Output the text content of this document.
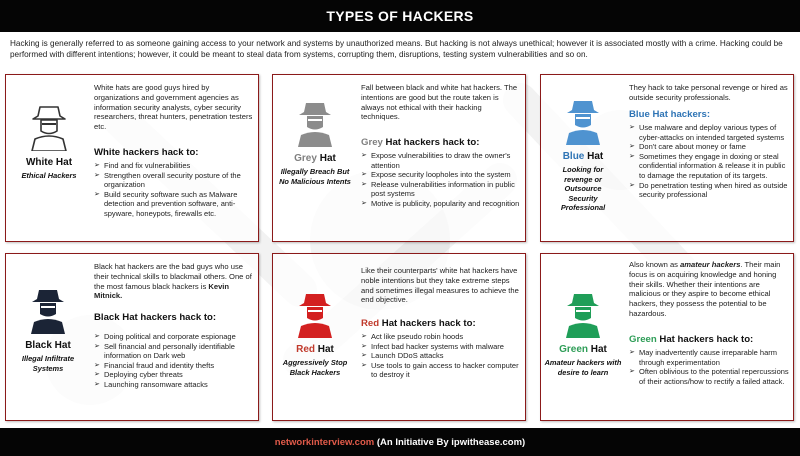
TYPES OF HACKERS
Hacking is generally referred to as someone gaining access to your network and systems by unauthorized means. But hacking is not always unethical; however it is associated mostly with a crime. Hacking could be performed with different intentions; however, it could be meant to steal data from systems, corrupting them, disruptions, testing system vulnerabilities and so on.
White Hat
Ethical Hackers
White hats are good guys hired by organizations and government agencies as information security analysts, cyber security researchers, threat hunters, penetration testers etc.
White hackers hack to:
➢ Find and fix vulnerabilities
➢ Strengthen overall security posture of the organization
➢ Build security software such as Malware detection and prevention software, anti-spyware, honeypots, firewalls etc.
Grey Hat
Illegally Breach But No Malicious Intents
Fall between black and white hat hackers. The intentions are good but the route taken is always not ethical with their hacking techniques.
Grey Hat hackers hack to:
➢ Expose vulnerabilities to draw the owner's attention
➢ Expose security loopholes into the system
➢ Release vulnerabilities information in public post systems
➢ Motive is publicity, popularity and recognition
Blue Hat
Looking for revenge or Outsource Security Professional
They hack to take personal revenge or hired as outside security professionals.
Blue Hat hackers:
➢ Use malware and deploy various types of cyber-attacks on intended targeted systems
➢ Don't care about money or fame
➢ Sometimes they engage in doxing or steal confidential information & release it in public to damage the reputation of its targets.
➢ Do penetration testing when hired as outside security professional
Black Hat
Illegal Infiltrate Systems
Black hat hackers are the bad guys who use their technical skills to blackmail others. One of the most famous black hackers is Kevin Mitnick.
Black Hat hackers hack to:
➢ Doing political and corporate espionage
➢ Sell financial and personally identifiable information on Dark web
➢ Financial fraud and identity thefts
➢ Deploying cyber threats
➢ Launching ransomware attacks
Red Hat
Aggressively Stop Black Hackers
Like their counterparts' white hat hackers have noble intentions but they take extreme steps and sometimes illegal measures to achieve the end objective.
Red Hat hackers hack to:
➢ Act like pseudo robin hoods
➢ Infect bad hacker systems with malware
➢ Launch DDoS attacks
➢ Use tools to gain access to hacker computer to destroy it
Green Hat
Amateur hackers with desire to learn
Also known as amateur hackers. Their main focus is on acquiring knowledge and honing their skills. Whether their intentions are malicious or they aspire to become ethical hackers, they possess the potential to be hazardous.
Green Hat hackers hack to:
➢ May inadvertently cause irreparable harm through experimentation
➢ Often oblivious to the potential repercussions of their actions/how to rectify a failed attack.
networkinterview.com (An Initiative By ipwithease.com)
